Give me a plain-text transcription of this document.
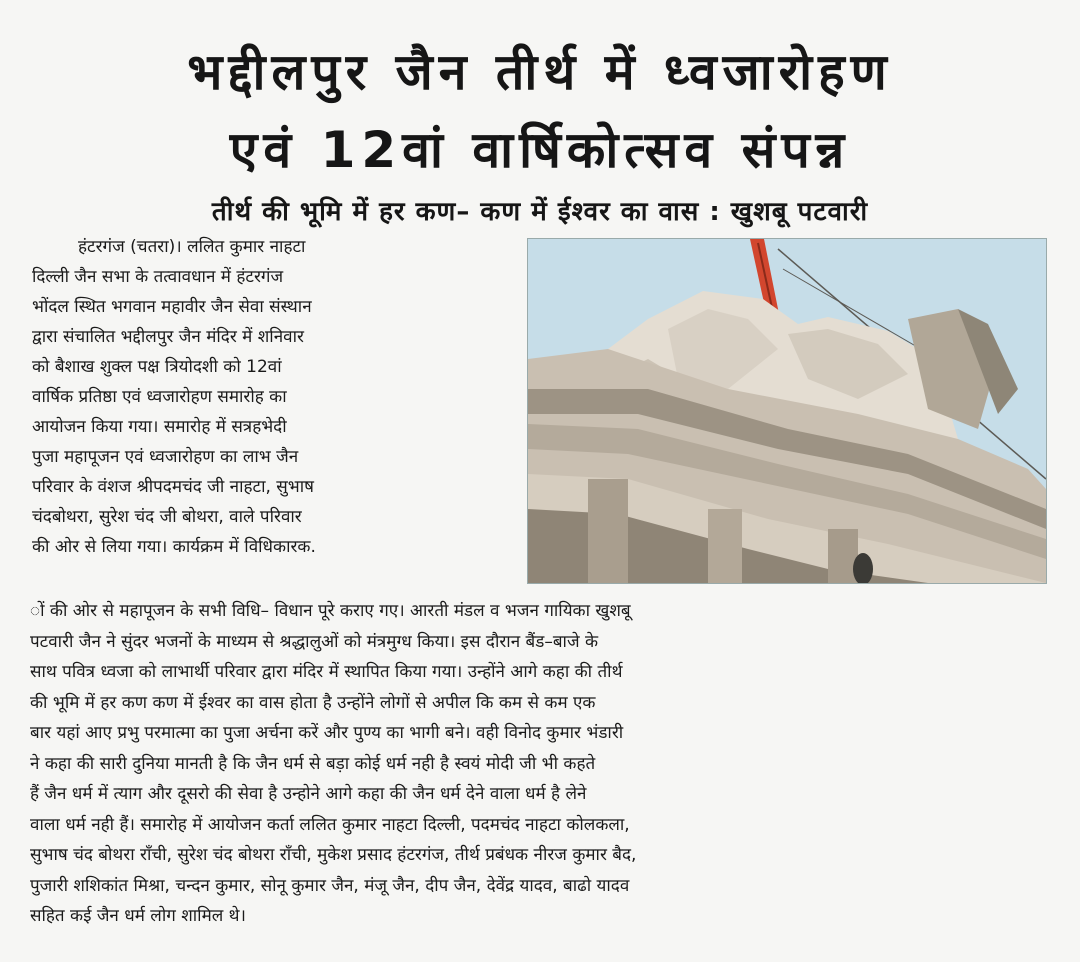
भद्दीलपुर जैन तीर्थ में ध्वजारोहण
एवं 12वां वार्षिकोत्सव संपन्न
तीर्थ की भूमि में हर कण– कण में ईश्वर का वास : खुशबू पटवारी
हंटरगंज (चतरा)। ललित कुमार नाहटा
दिल्ली जैन सभा के तत्वावधान में हंटरगंज
भोंदल स्थित भगवान महावीर जैन सेवा संस्थान
द्वारा संचालित भद्दीलपुर जैन मंदिर में शनिवार
को बैशाख शुक्ल पक्ष त्रियोदशी को 12वां
वार्षिक प्रतिष्ठा एवं ध्वजारोहण समारोह का
आयोजन किया गया। समारोह में सत्रहभेदी
पुजा महापूजन एवं ध्वजारोहण का लाभ जैन
परिवार के वंशज श्रीपदमचंद जी नाहटा, सुभाष
चंदबोथरा, सुरेश चंद जी बोथरा, वाले परिवार
की ओर से लिया गया। कार्यक्रम में विधिकारक.
ों की ओर से महापूजन के सभी विधि– विधान पूरे कराए गए। आरती मंडल व भजन गायिका खुशबू
पटवारी जैन ने सुंदर भजनों के माध्यम से श्रद्धालुओं को मंत्रमुग्ध किया। इस दौरान बैंड–बाजे के
साथ पवित्र ध्वजा को लाभार्थी परिवार द्वारा मंदिर में स्थापित किया गया। उन्होंने आगे कहा की तीर्थ
की भूमि में हर कण कण में ईश्वर का वास होता है उन्होंने लोगों से अपील कि कम से कम एक
बार यहां आए प्रभु परमात्मा का पुजा अर्चना करें और पुण्य का भागी बने। वही विनोद कुमार भंडारी
ने कहा की सारी दुनिया मानती है कि जैन धर्म से बड़ा कोई धर्म नही है स्वयं मोदी जी भी कहते
हैं जैन धर्म में त्याग और दूसरो की सेवा है उन्होने आगे कहा की जैन धर्म देने वाला धर्म है लेने
वाला धर्म नही हैं। समारोह में आयोजन कर्ता ललित कुमार नाहटा दिल्ली, पदमचंद नाहटा कोलकला,
सुभाष चंद बोथरा राँची, सुरेश चंद बोथरा राँची, मुकेश प्रसाद हंटरगंज, तीर्थ प्रबंधक नीरज कुमार बैद,
पुजारी शशिकांत मिश्रा, चन्दन कुमार, सोनू कुमार जैन, मंजू जैन, दीप जैन, देवेंद्र यादव, बाढो यादव
सहित कई जैन धर्म लोग शामिल थे।
